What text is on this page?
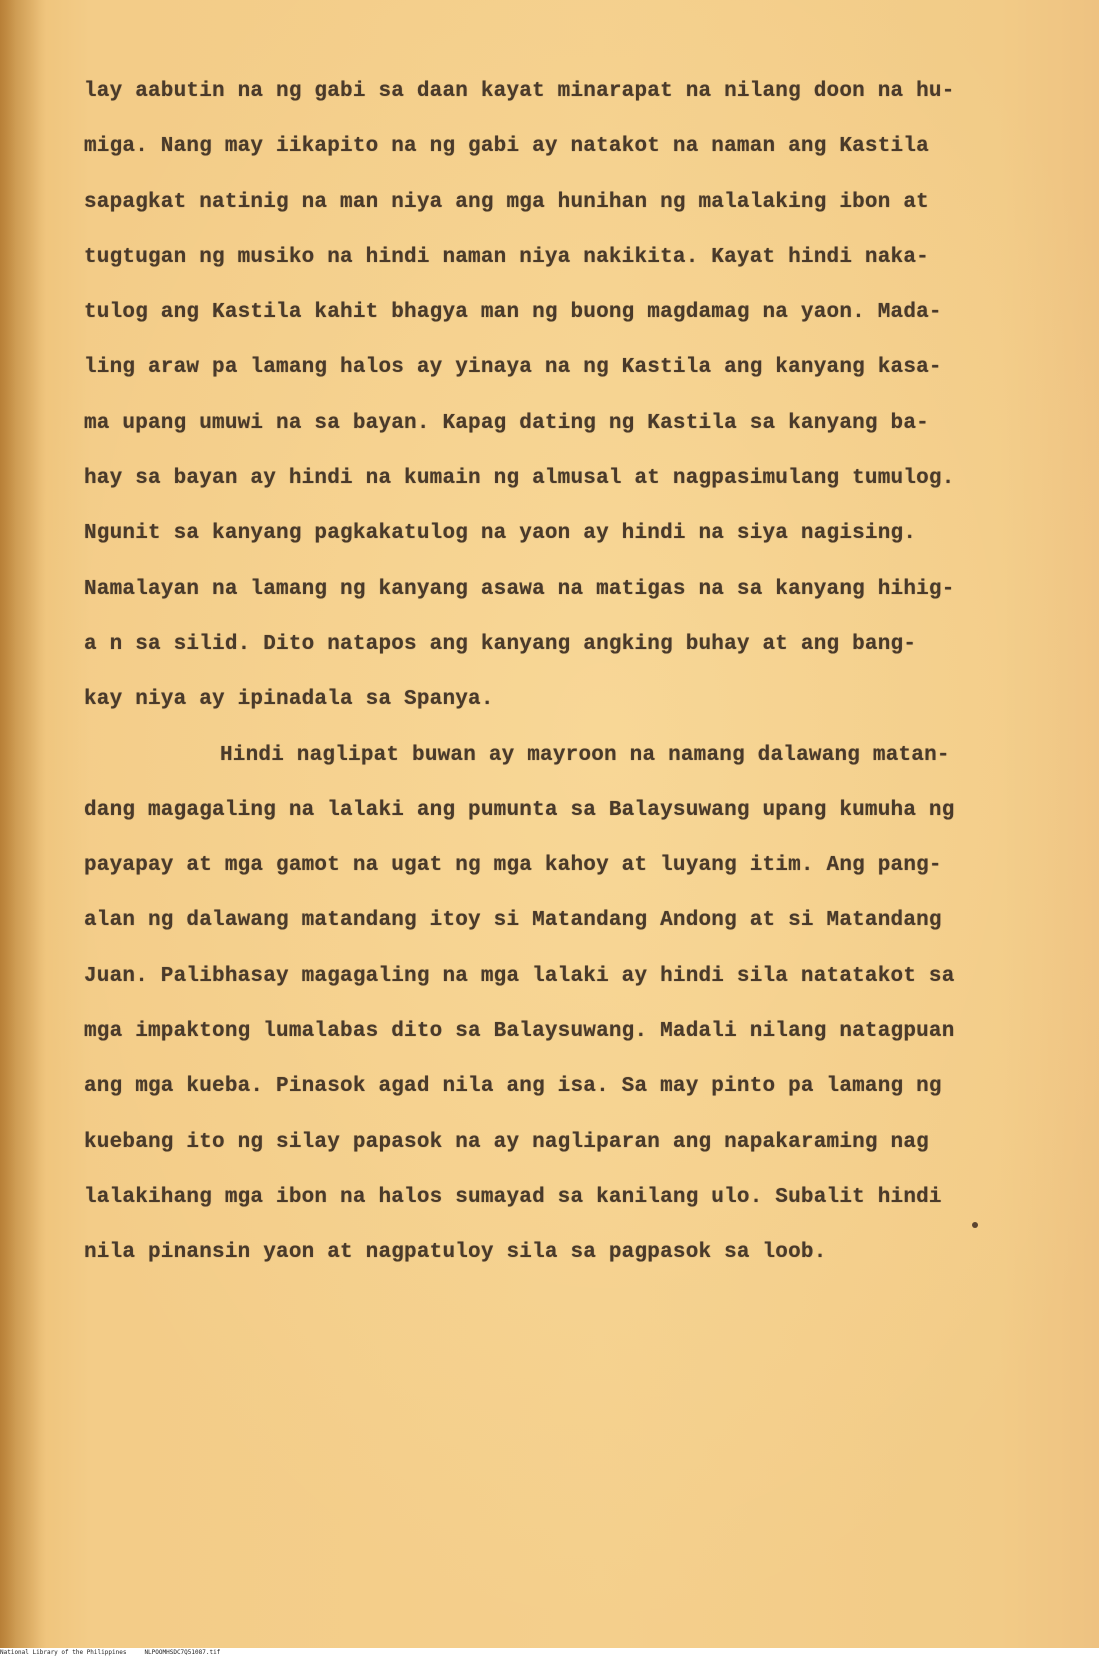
lay aabutin na ng gabi sa daan kayat minarapat na nilang doon na hu-
miga. Nang may iikapito na ng gabi ay natakot na naman ang Kastila
sapagkat natinig na man niya ang mga hunihan ng malalaking ibon at
tugtugan ng musiko na hindi naman niya nakikita. Kayat hindi naka-
tulog ang Kastila kahit bhagya man ng buong magdamag na yaon. Mada-
ling araw pa lamang halos ay yinaya na ng Kastila ang kanyang kasa-
ma upang umuwi na sa bayan. Kapag dating ng Kastila sa kanyang ba-
hay sa bayan ay hindi na kumain ng almusal at nagpasimulang tumulog.
Ngunit sa kanyang pagkakatulog na yaon ay hindi na siya nagising.
Namalayan na lamang ng kanyang asawa na matigas na sa kanyang hihig-
a n sa silid. Dito natapos ang kanyang angking buhay at ang bang-
kay niya ay ipinadala sa Spanya.
Hindi naglipat buwan ay mayroon na namang dalawang matan-
dang magagaling na lalaki ang pumunta sa Balaysuwang upang kumuha ng
payapay at mga gamot na ugat ng mga kahoy at luyang itim. Ang pang-
alan ng dalawang matandang itoy si Matandang Andong at si Matandang
Juan. Palibhasay magagaling na mga lalaki ay hindi sila natatakot sa
mga impaktong lumalabas dito sa Balaysuwang. Madali nilang natagpuan
ang mga kueba. Pinasok agad nila ang isa. Sa may pinto pa lamang ng
kuebang ito ng silay papasok na ay nagliparan ang napakaraming nag
lalakihang mga ibon na halos sumayad sa kanilang ulo. Subalit hindi
nila pinansin yaon at nagpatuloy sila sa pagpasok sa loob.
National Library of the Philippines	NLPOOMHSDC7Q51087.tif
